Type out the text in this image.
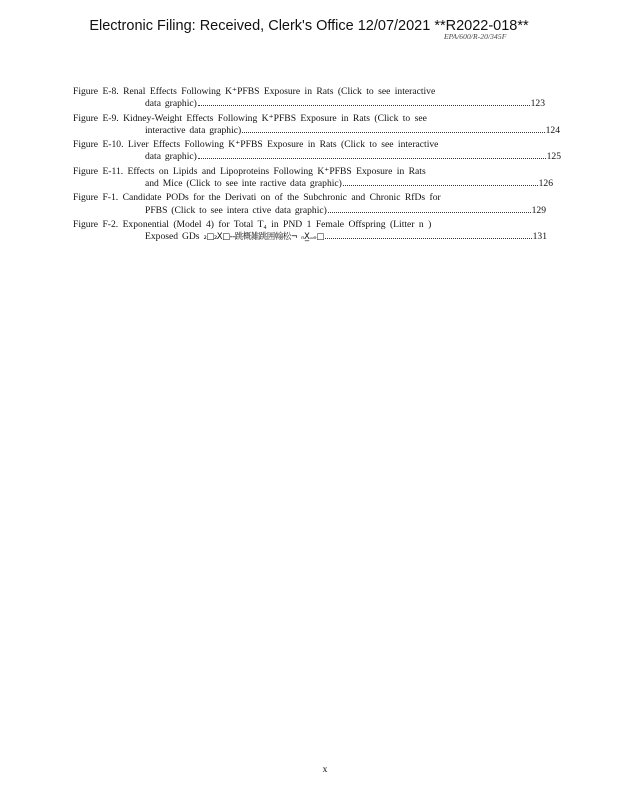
Electronic Filing: Received, Clerk's Office 12/07/2021 **R2022-018**
EPA/600/R-20/345F
Figure E-8. Renal Effects Following K⁺PFBS Exposure in Rats (Click to see interactive
data graphic)	123
Figure E-9. Kidney-Weight Effects Following K⁺PFBS Exposure in Rats (Click to see
interactive data graphic)	124
Figure E-10. Liver Effects Following K⁺PFBS Exposure in Rats (Click to see interactive
data graphic)	125
Figure E-11. Effects on Lipids and Lipoproteins Following K⁺PFBS Exposure in Rats
and Mice (Click to see inte ractive data graphic)	126
Figure F-1. Candidate PODs for the Derivati on of the Subchronic and Chronic RfDs for
PFBS (Click to see intera ctive data graphic)	129
Figure F-2. Exponential (Model 4) for Total T₄ in PND 1 Female Offspring (Litter n )
Exposed GDs
₂□₂X□-‐跳概雑跳囲翰松¬ ₙX̲₌ₑ□	131
x
